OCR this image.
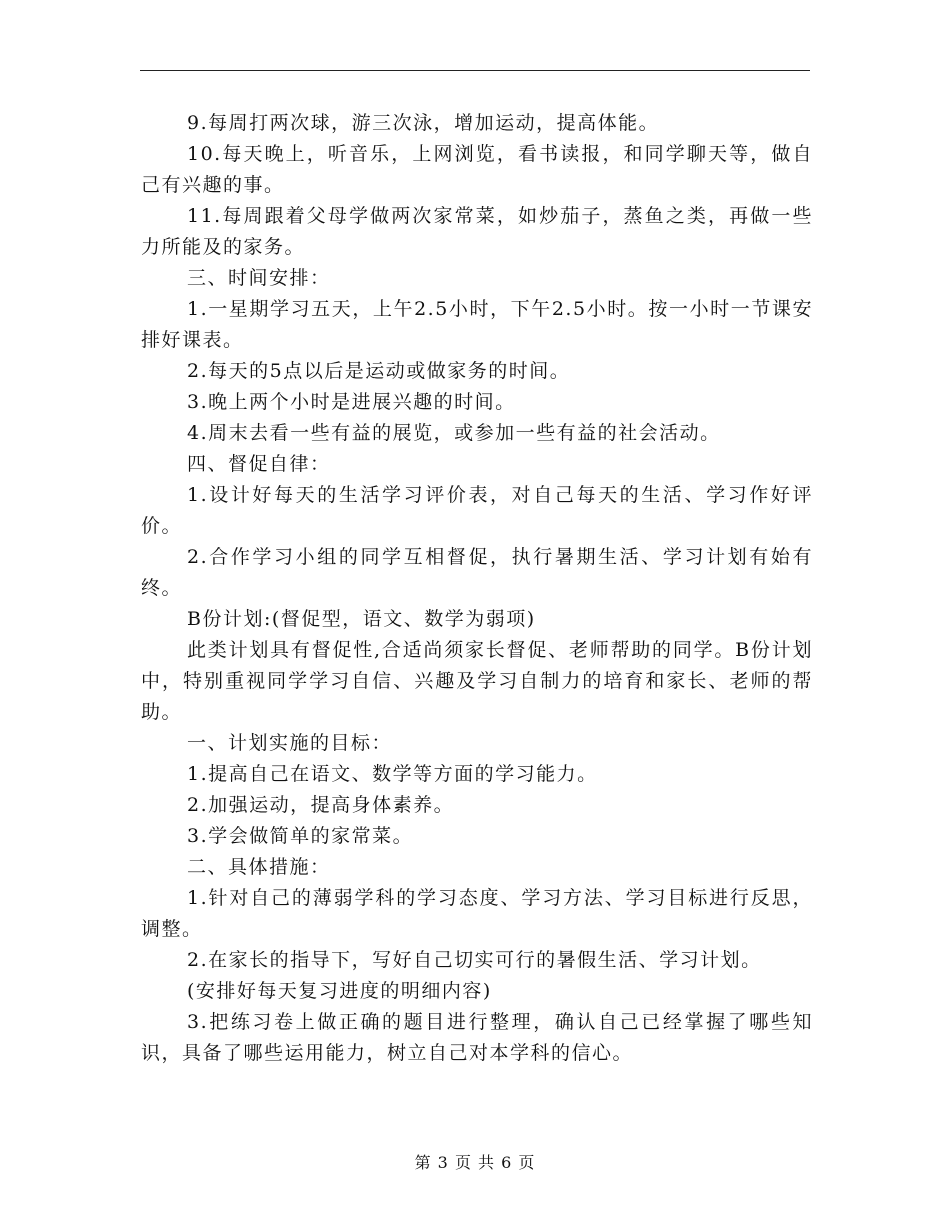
9.每周打两次球，游三次泳，增加运动，提高体能。

10.每天晚上，听音乐，上网浏览，看书读报，和同学聊天等，做自己有兴趣的事。

11.每周跟着父母学做两次家常菜，如炒茄子，蒸鱼之类，再做一些力所能及的家务。

三、时间安排：

1.一星期学习五天，上午2.5小时，下午2.5小时。按一小时一节课安排好课表。

2.每天的5点以后是运动或做家务的时间。

3.晚上两个小时是进展兴趣的时间。

4.周末去看一些有益的展览，或参加一些有益的社会活动。

四、督促自律：

1.设计好每天的生活学习评价表，对自己每天的生活、学习作好评价。

2.合作学习小组的同学互相督促，执行暑期生活、学习计划有始有终。

B份计划:(督促型，语文、数学为弱项)

此类计划具有督促性,合适尚须家长督促、老师帮助的同学。B份计划中，特别重视同学学习自信、兴趣及学习自制力的培育和家长、老师的帮助。

一、计划实施的目标：

1.提高自己在语文、数学等方面的学习能力。

2.加强运动，提高身体素养。

3.学会做简单的家常菜。

二、具体措施：

1.针对自己的薄弱学科的学习态度、学习方法、学习目标进行反思，调整。

2.在家长的指导下，写好自己切实可行的暑假生活、学习计划。

(安排好每天复习进度的明细内容)

3.把练习卷上做正确的题目进行整理，确认自己已经掌握了哪些知识，具备了哪些运用能力，树立自己对本学科的信心。

第 3 页 共 6 页
